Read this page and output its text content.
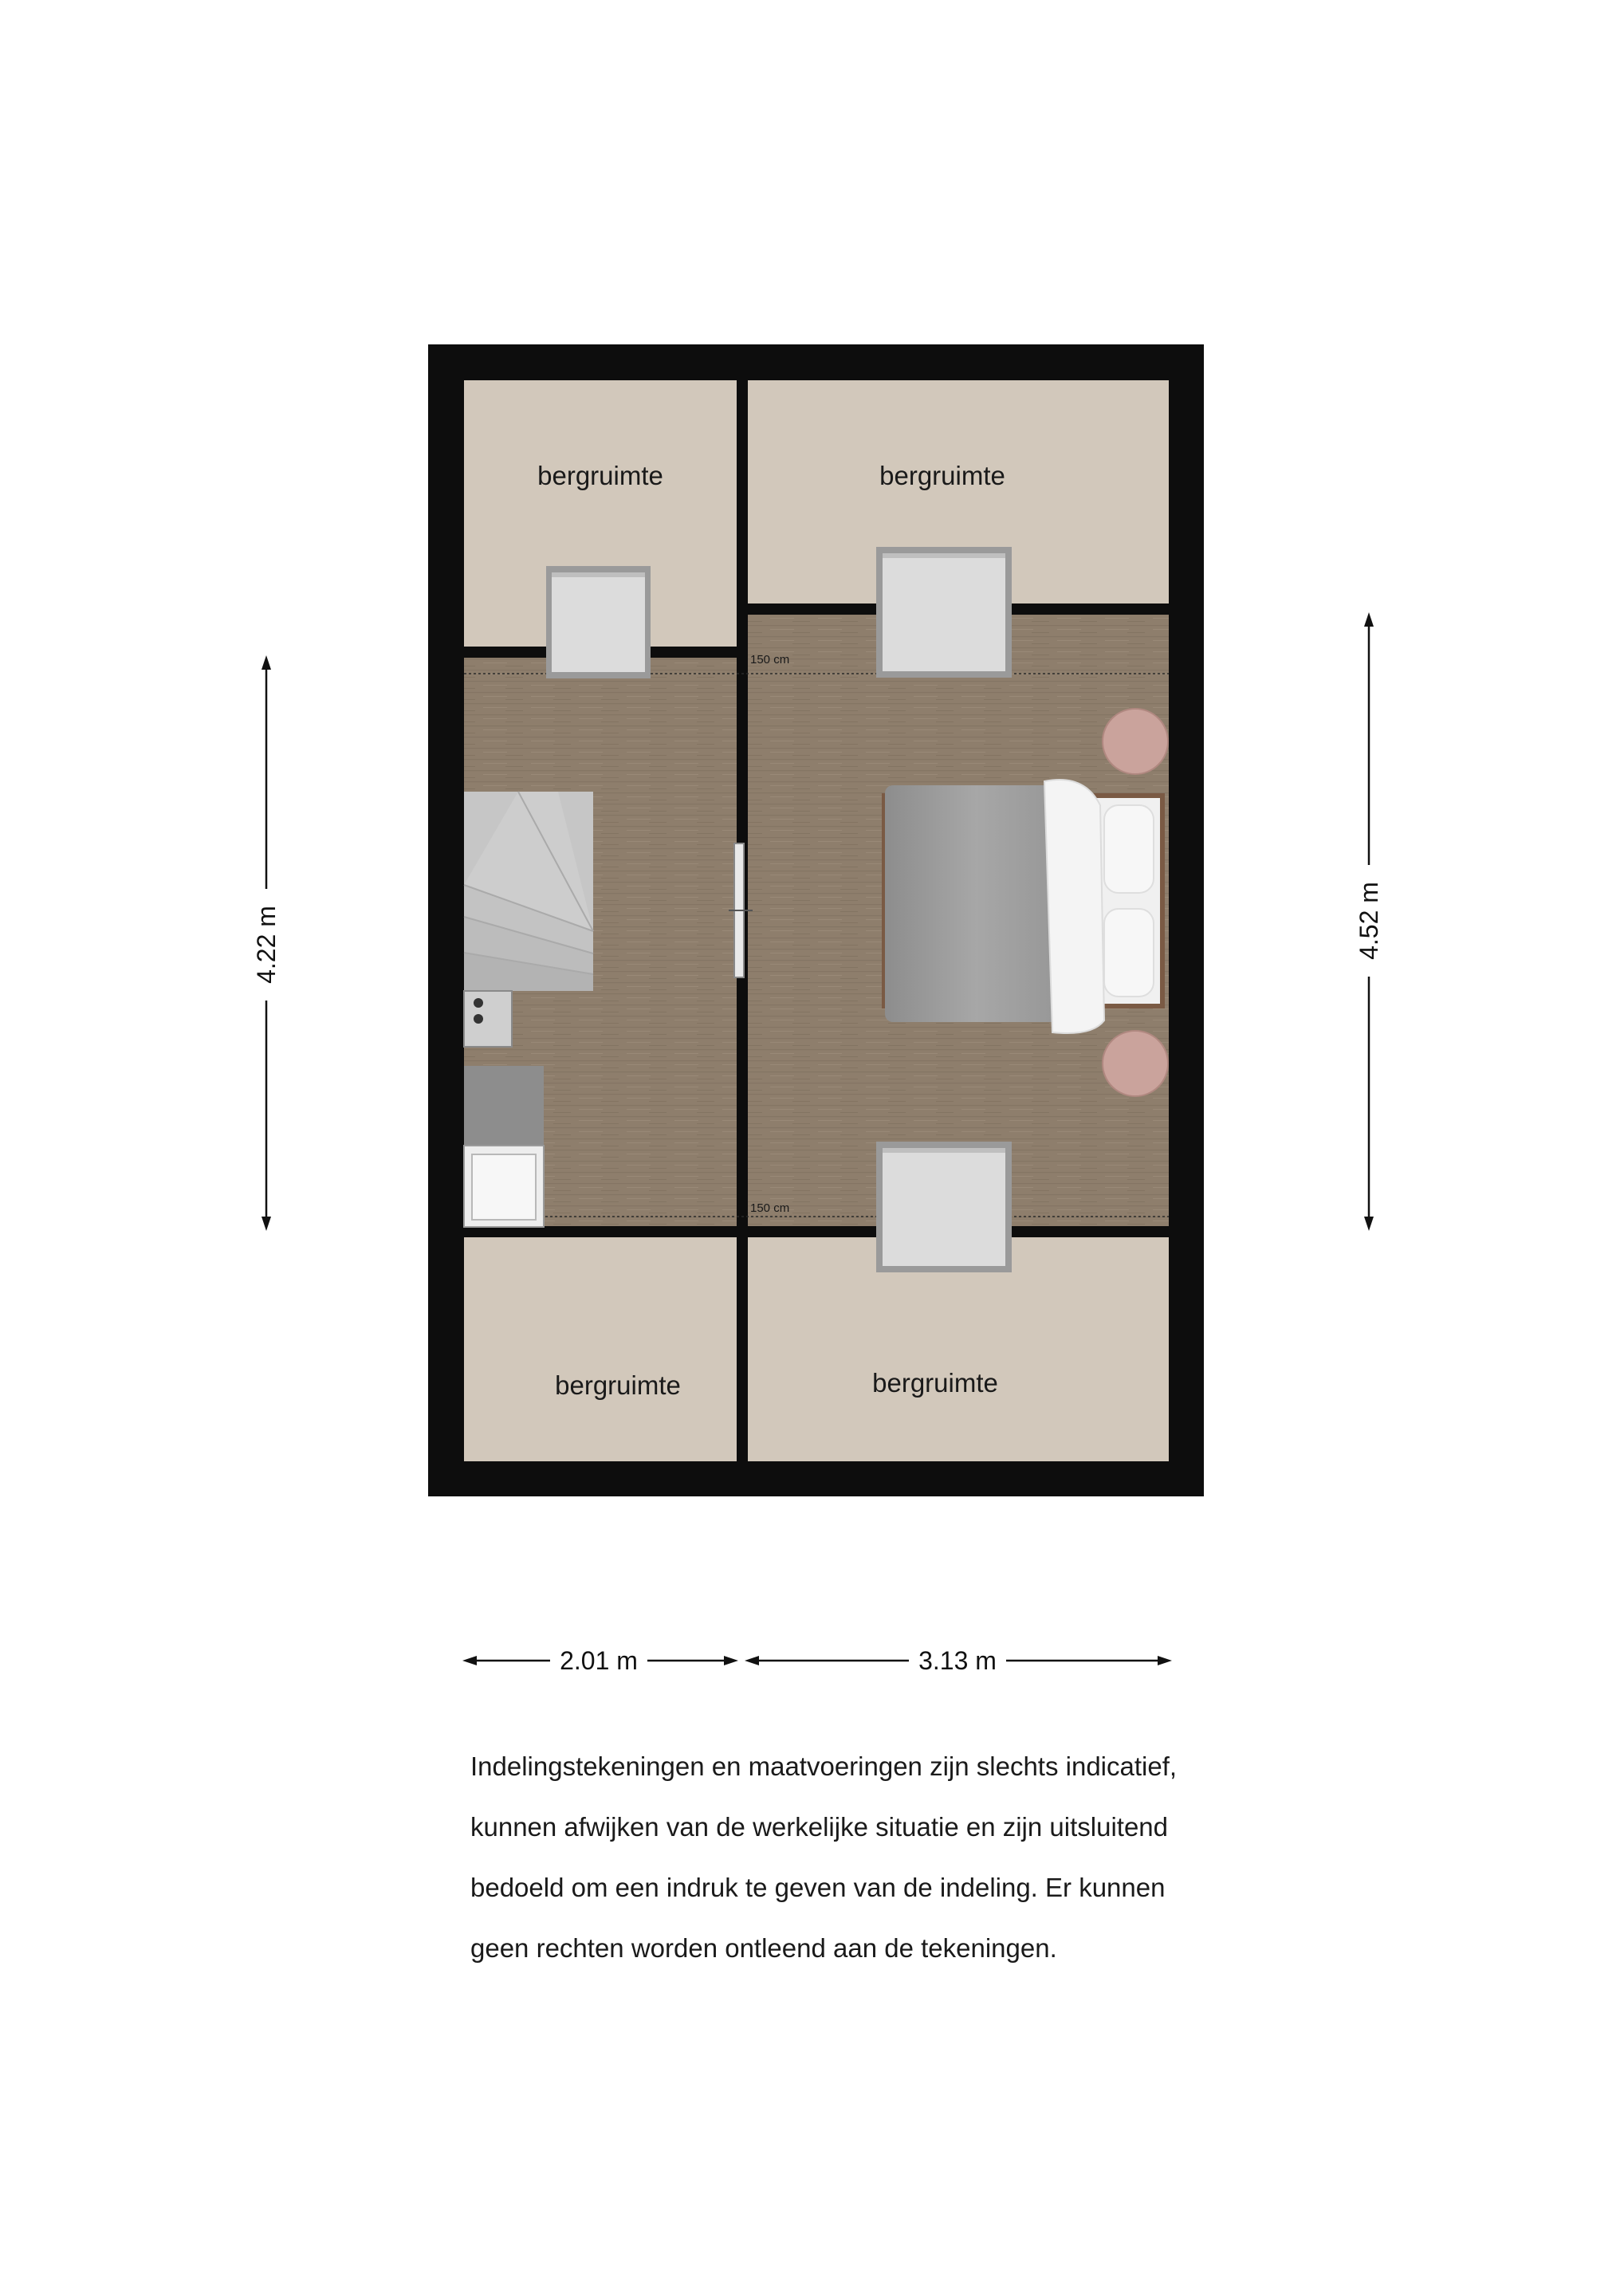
bergruimte	bergruimte
bergruimte	bergruimte
150 cm
150 cm
4.22 m	4.52 m
2.01 m	3.13 m
Indelingstekeningen en maatvoeringen zijn slechts indicatief,
kunnen afwijken van de werkelijke situatie en zijn uitsluitend
bedoeld om een indruk te geven van de indeling. Er kunnen
geen rechten worden ontleend aan de tekeningen.
